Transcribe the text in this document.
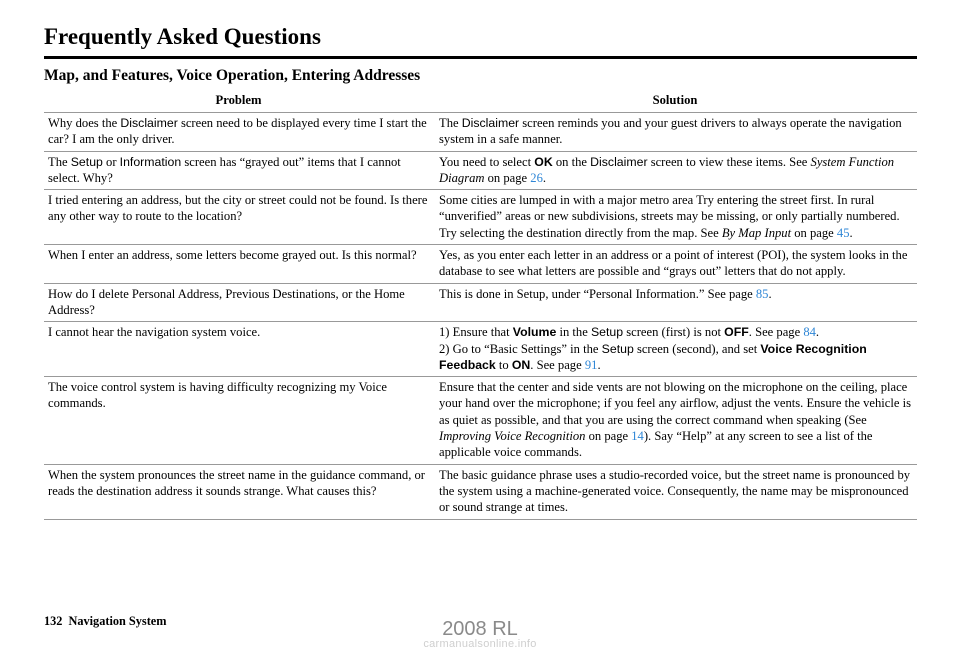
Frequently Asked Questions
Map, and Features, Voice Operation, Entering Addresses
Problem	Solution
Why does the Disclaimer screen need to be displayed every time I start the car? I am the only driver.	The Disclaimer screen reminds you and your guest drivers to always operate the navigation system in a safe manner.
The Setup or Information screen has “grayed out” items that I cannot select. Why?	You need to select OK on the Disclaimer screen to view these items. See System Function Diagram on page 26.
I tried entering an address, but the city or street could not be found. Is there any other way to route to the location?	Some cities are lumped in with a major metro area Try entering the street first. In rural “unverified” areas or new subdivisions, streets may be missing, or only partially numbered. Try selecting the destination directly from the map. See By Map Input on page 45.
When I enter an address, some letters become grayed out. Is this normal?	Yes, as you enter each letter in an address or a point of interest (POI), the system looks in the database to see what letters are possible and “grays out” letters that do not apply.
How do I delete Personal Address, Previous Destinations, or the Home Address?	This is done in Setup, under “Personal Information.” See page 85.
I cannot hear the navigation system voice.	1) Ensure that Volume in the Setup screen (first) is not OFF. See page 84.
2) Go to “Basic Settings” in the Setup screen (second), and set Voice Recognition Feedback to ON. See page 91.
The voice control system is having difficulty recognizing my Voice commands.	Ensure that the center and side vents are not blowing on the microphone on the ceiling, place your hand over the microphone; if you feel any airflow, adjust the vents. Ensure the vehicle is as quiet as possible, and that you are using the correct command when speaking (See Improving Voice Recognition on page 14). Say “Help” at any screen to see a list of the applicable voice commands.
When the system pronounces the street name in the guidance command, or reads the destination address it sounds strange. What causes this?	The basic guidance phrase uses a studio-recorded voice, but the street name is pronounced by the system using a machine-generated voice. Consequently, the name may be mispronounced or sound strange at times.
132 Navigation System	2008 RL
carmanualsonline.info
